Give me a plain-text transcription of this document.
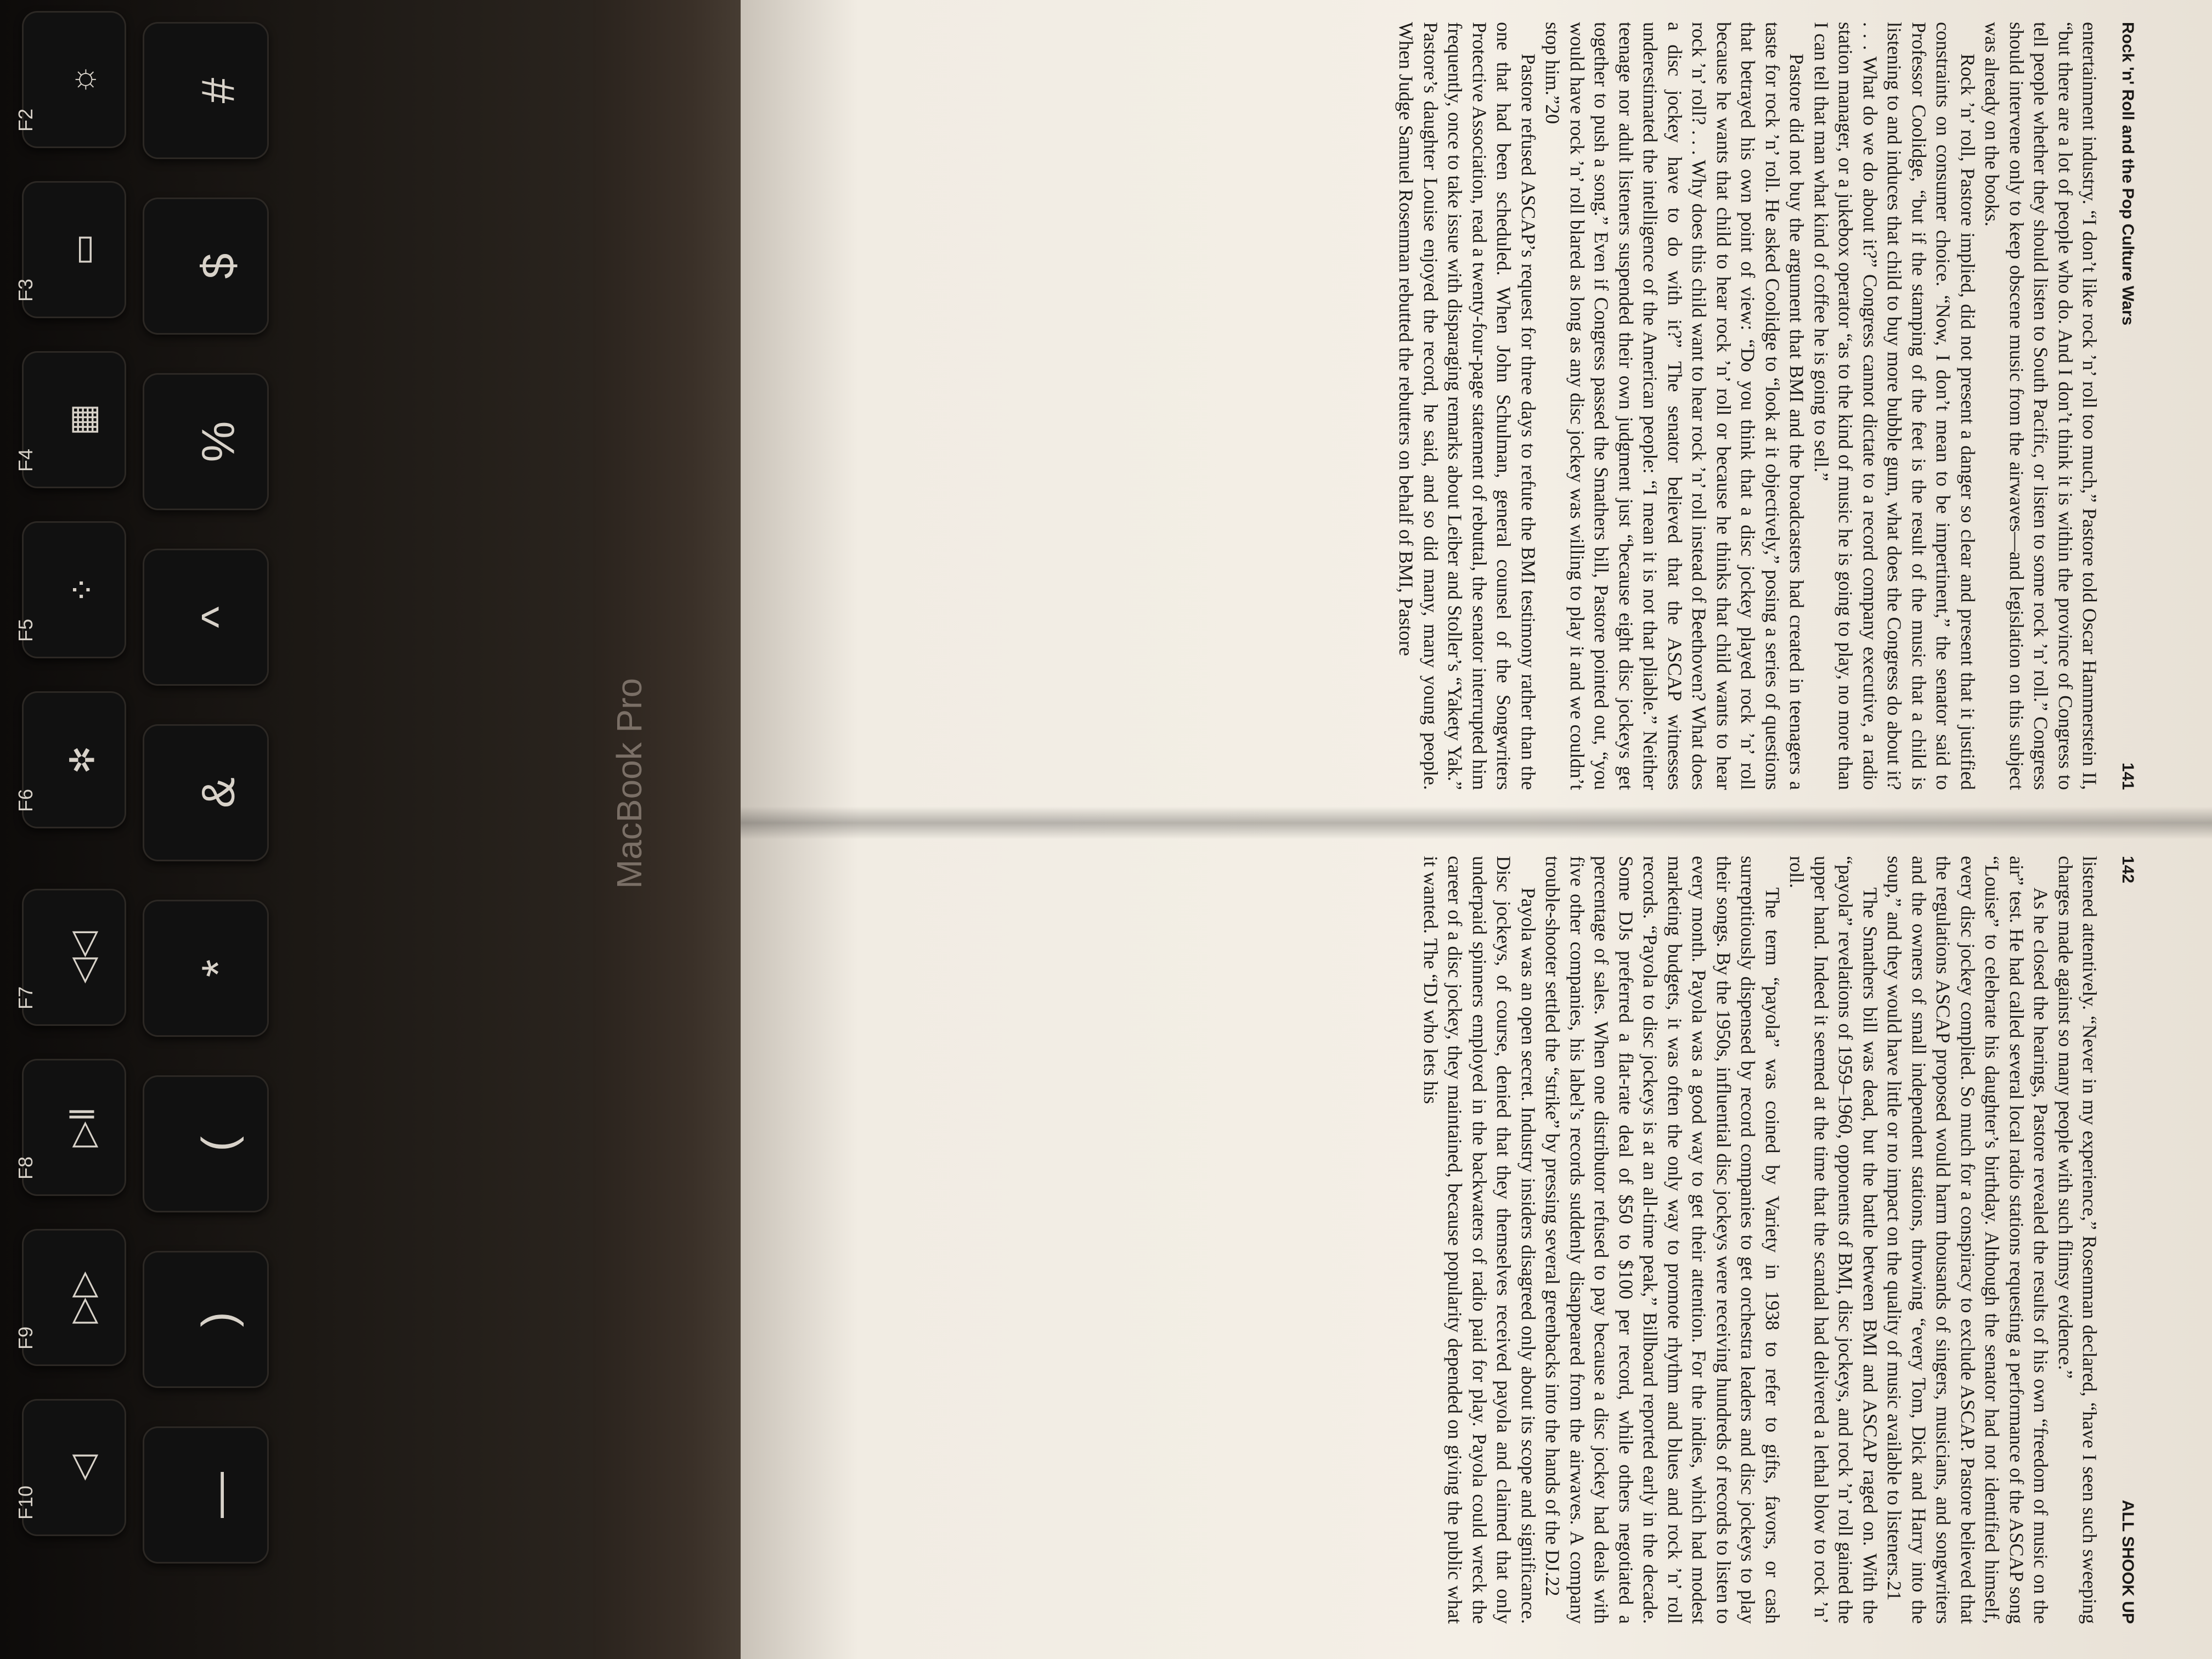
☼
F2
▭
F3
▦
F4
⁘
F5
✲
F6
◁◁
F7
▷‖
F8
▷▷
F9
◁
F10
#
$
%
^
&
*
(
)
—
MacBook Pro
Rock 'n' Roll and the Pop Culture Wars
141

entertainment industry. “I don’t like rock ’n’ roll too much,” Pastore told Oscar Hammerstein II, “but there are a lot of people who do. And I don’t think it is within the province of Congress to tell people whether they should listen to South Pacific, or listen to some rock ’n’ roll.” Congress should intervene only to keep obscene music from the airwaves—and legislation on this subject was already on the books.

Rock ’n’ roll, Pastore implied, did not present a danger so clear and present that it justified constraints on consumer choice. “Now, I don’t mean to be impertinent,” the senator said to Professor Coolidge, “but if the stamping of the feet is the result of the music that a child is listening to and induces that child to buy more bubble gum, what does the Congress do about it? . . . What do we do about it?” Congress cannot dictate to a record company executive, a radio station manager, or a jukebox operator “as to the kind of music he is going to play, no more than I can tell that man what kind of coffee he is going to sell.”

Pastore did not buy the argument that BMI and the broadcasters had created in teenagers a taste for rock ’n’ roll. He asked Coolidge to “look at it objectively,” posing a series of questions that betrayed his own point of view: “Do you think that a disc jockey played rock ’n’ roll because he wants that child to hear rock ’n’ roll or because he thinks that child wants to hear rock ’n’ roll? . . . Why does this child want to hear rock ’n’ roll instead of Beethoven? What does a disc jockey have to do with it?” The senator believed that the ASCAP witnesses underestimated the intelligence of the American people: “I mean it is not that pliable.” Neither teenage nor adult listeners suspended their own judgment just “because eight disc jockeys get together to push a song.” Even if Congress passed the Smathers bill, Pastore pointed out, “you would have rock ’n’ roll blared as long as any disc jockey was willing to play it and we couldn’t stop him.”20

Pastore refused ASCAP’s request for three days to refute the BMI testimony rather than the one that had been scheduled. When John Schulman, general counsel of the Songwriters Protective Association, read a twenty-four-page statement of rebuttal, the senator interrupted him frequently, once to take issue with disparaging remarks about Leiber and Stoller’s “Yakety Yak.” Pastore’s daughter Louise enjoyed the record, he said, and so did many, many young people. When Judge Samuel Rosenman rebutted the rebutters on behalf of BMI, Pastore

142
ALL SHOOK UP

listened attentively. “Never in my experience,” Rosenman declared, “have I seen such sweeping charges made against so many people with such flimsy evidence.”

As he closed the hearings, Pastore revealed the results of his own “freedom of music on the air” test. He had called several local radio stations requesting a performance of the ASCAP song “Louise” to celebrate his daughter’s birthday. Although the senator had not identified himself, every disc jockey complied. So much for a conspiracy to exclude ASCAP. Pastore believed that the regulations ASCAP proposed would harm thousands of singers, musicians, and songwriters and the owners of small independent stations, throwing “every Tom, Dick and Harry into the soup,” and they would have little or no impact on the quality of music available to listeners.21

The Smathers bill was dead, but the battle between BMI and ASCAP raged on. With the “payola” revelations of 1959–1960, opponents of BMI, disc jockeys, and rock ’n’ roll gained the upper hand. Indeed it seemed at the time that the scandal had delivered a lethal blow to rock ’n’ roll.

The term “payola” was coined by Variety in 1938 to refer to gifts, favors, or cash surreptitiously dispensed by record companies to get orchestra leaders and disc jockeys to play their songs. By the 1950s, influential disc jockeys were receiving hundreds of records to listen to every month. Payola was a good way to get their attention. For the indies, which had modest marketing budgets, it was often the only way to promote rhythm and blues and rock ’n’ roll records. “Payola to disc jockeys is at an all-time peak,” Billboard reported early in the decade. Some DJs preferred a flat-rate deal of $50 to $100 per record, while others negotiated a percentage of sales. When one distributor refused to pay because a disc jockey had deals with five other companies, his label’s records suddenly disappeared from the airwaves. A company trouble-shooter settled the “strike” by pressing several greenbacks into the hands of the DJ.22

Payola was an open secret. Industry insiders disagreed only about its scope and significance. Disc jockeys, of course, denied that they themselves received payola and claimed that only underpaid spinners employed in the backwaters of radio paid for play. Payola could wreck the career of a disc jockey, they maintained, because popularity depended on giving the public what it wanted. The “DJ who lets his
